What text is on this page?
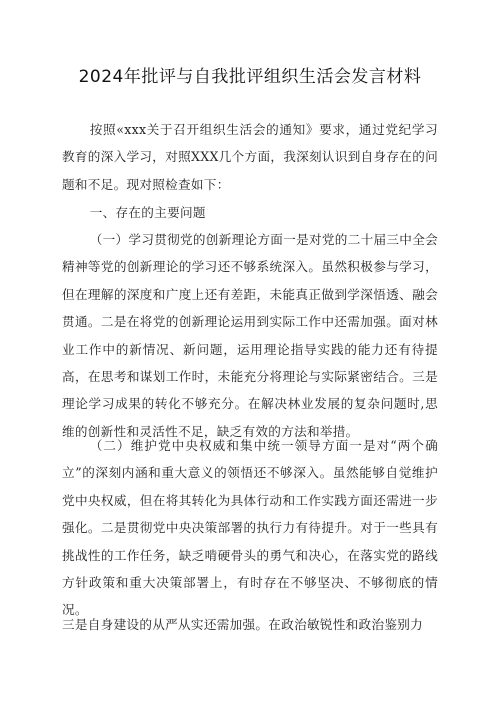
2024年批评与自我批评组织生活会发言材料
按照«xxx关于召开组织生活会的通知》要求，通过党纪学习教育的深入学习，对照XXX几个方面，我深刻认识到自身存在的问题和不足。现对照检查如下：
一、存在的主要问题
（一）学习贯彻党的创新理论方面一是对党的二十届三中全会精神等党的创新理论的学习还不够系统深入。虽然积极参与学习，但在理解的深度和广度上还有差距，未能真正做到学深悟透、融会贯通。二是在将党的创新理论运用到实际工作中还需加强。面对林业工作中的新情况、新问题，运用理论指导实践的能力还有待提高，在思考和谋划工作时，未能充分将理论与实际紧密结合。三是理论学习成果的转化不够充分。在解决林业发展的复杂问题时,思维的创新性和灵活性不足，缺乏有效的方法和举措。
（二）维护党中央权威和集中统一领导方面一是对“两个确立”的深刻内涵和重大意义的领悟还不够深入。虽然能够自觉维护党中央权威，但在将其转化为具体行动和工作实践方面还需进一步强化。二是贯彻党中央决策部署的执行力有待提升。对于一些具有挑战性的工作任务，缺乏啃硬骨头的勇气和决心，在落实党的路线方针政策和重大决策部署上，有时存在不够坚决、不够彻底的情况。
三是自身建设的从严从实还需加强。在政治敏锐性和政治鉴别力
